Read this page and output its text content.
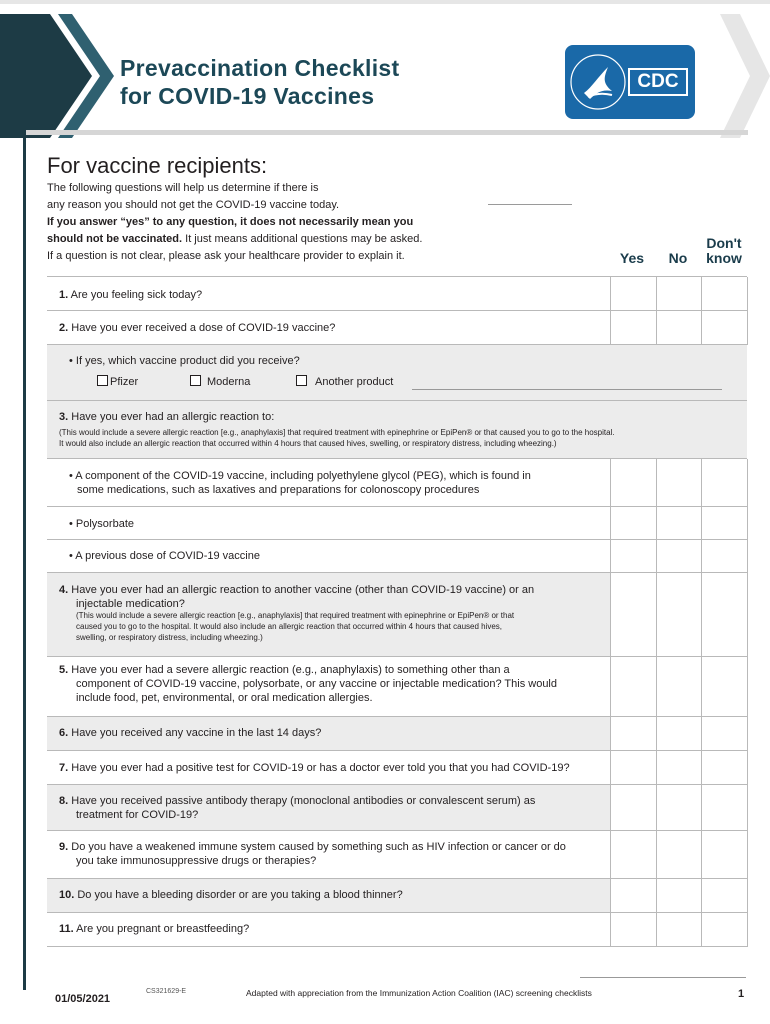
Prevaccination Checklist
for COVID-19 Vaccines
CDC
For vaccine recipients:

The following questions will help us determine if there is

any reason you should not get the COVID-19 vaccine today.

If you answer “yes” to any question, it does not necessarily mean you

should not be vaccinated. It just means additional questions may be asked.

If a question is not clear, please ask your healthcare provider to explain it.	Yes	No
Don't
know
1. Are you feeling sick today?
2. Have you ever received a dose of COVID-19 vaccine?
• If yes, which vaccine product did you receive?
Pfizer	Moderna	Another product
3. Have you ever had an allergic reaction to:
(This would include a severe allergic reaction [e.g., anaphylaxis] that required treatment with epinephrine or EpiPen® or that caused you to go to the hospital.
It would also include an allergic reaction that occurred within 4 hours that caused hives, swelling, or respiratory distress, including wheezing.)
• A component of the COVID-19 vaccine, including polyethylene glycol (PEG), which is found in
some medications, such as laxatives and preparations for colonoscopy procedures
• Polysorbate
• A previous dose of COVID-19 vaccine
4. Have you ever had an allergic reaction to another vaccine (other than COVID-19 vaccine) or an
injectable medication?
(This would include a severe allergic reaction [e.g., anaphylaxis] that required treatment with epinephrine or EpiPen® or that
caused you to go to the hospital. It would also include an allergic reaction that occurred within 4 hours that caused hives,
swelling, or respiratory distress, including wheezing.)
5. Have you ever had a severe allergic reaction (e.g., anaphylaxis) to something other than a
component of COVID-19 vaccine, polysorbate, or any vaccine or injectable medication? This would
include food, pet, environmental, or oral medication allergies.
6. Have you received any vaccine in the last 14 days?
7. Have you ever had a positive test for COVID-19 or has a doctor ever told you that you had COVID-19?
8. Have you received passive antibody therapy (monoclonal antibodies or convalescent serum) as
treatment for COVID-19?
9. Do you have a weakened immune system caused by something such as HIV infection or cancer or do
you take immunosuppressive drugs or therapies?
10. Do you have a bleeding disorder or are you taking a blood thinner?
11. Are you pregnant or breastfeeding?
01/05/2021
CS321629-E	Adapted with appreciation from the Immunization Action Coalition (IAC) screening checklists	1
